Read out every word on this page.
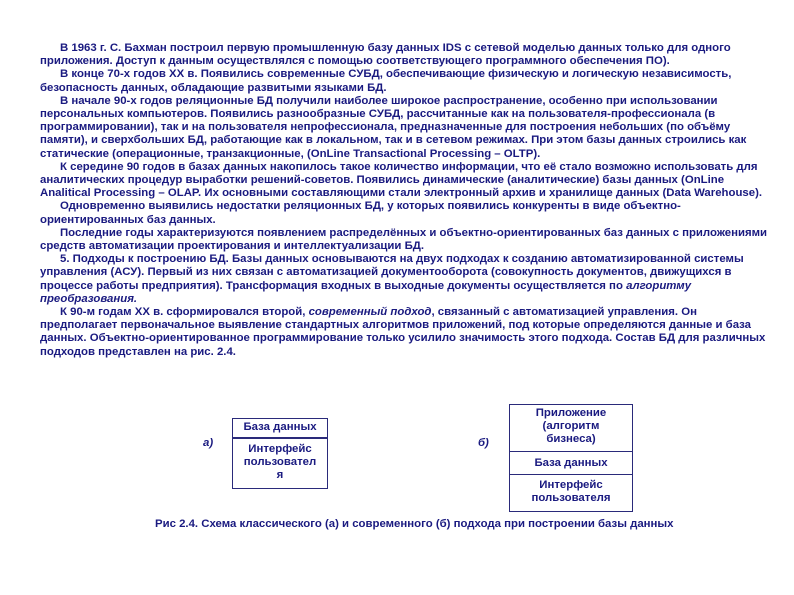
В 1963 г. С. Бахман построил первую промышленную базу данных IDS с сетевой моделью данных только для одного приложения. Доступ к данным осуществлялся с помощью соответствующего программного обеспечения ПО).

В конце 70-х годов ХХ в. Появились современные СУБД, обеспечивающие физическую и логическую независимость, безопасность данных, обладающие развитыми языками БД.

В начале 90-х годов реляционные БД получили наиболее широкое распространение, особенно при использовании персональных компьютеров. Появились разнообразные СУБД, рассчитанные как на пользователя-профессионала (в программировании), так и на пользователя непрофессионала, предназначенные для построения небольших (по объёму памяти), и сверхбольших БД, работающие как в локальном, так и в сетевом режимах. При этом базы данных строились как статические (операционные, транзакционные, (OnLine Transactional Processing – OLTP).

К середине 90 годов в базах данных накопилось такое количество информации, что её стало возможно использовать для аналитических процедур выработки решений-советов. Появились динамические (аналитические) базы данных (OnLine Analitical Processing – OLAP. Их основными составляющими стали электронный архив и хранилище данных (Data Warehouse).

Одновременно выявились недостатки реляционных БД, у которых появились конкуренты в виде объектно-ориентированных баз данных.

Последние годы характеризуются появлением распределённых и объектно-ориентированных баз данных с приложениями средств автоматизации проектирования и интеллектуализации БД.

5. Подходы к построению БД. Базы данных основываются на двух подходах к созданию автоматизированной системы управления (АСУ). Первый из них связан с автоматизацией документооборота (совокупность документов, движущихся в процессе работы предприятия). Трансформация входных в выходные документы осуществляется по алгоритму преобразования.

К 90-м годам ХХ в. сформировался второй, современный подход, связанный с автоматизацией управления. Он предполагает первоначальное выявление стандартных алгоритмов приложений, под которые определяются данные и база данных. Объектно-ориентированное программирование только усилило значимость этого подхода. Состав БД для различных подходов представлен на рис. 2.4.

а)
База данных
Интерфейс пользовател я
б)
Приложение (алгоритм бизнеса)
База данных
Интерфейс пользователя
Рис 2.4. Схема классического (а) и современного (б) подхода при построении базы данных
